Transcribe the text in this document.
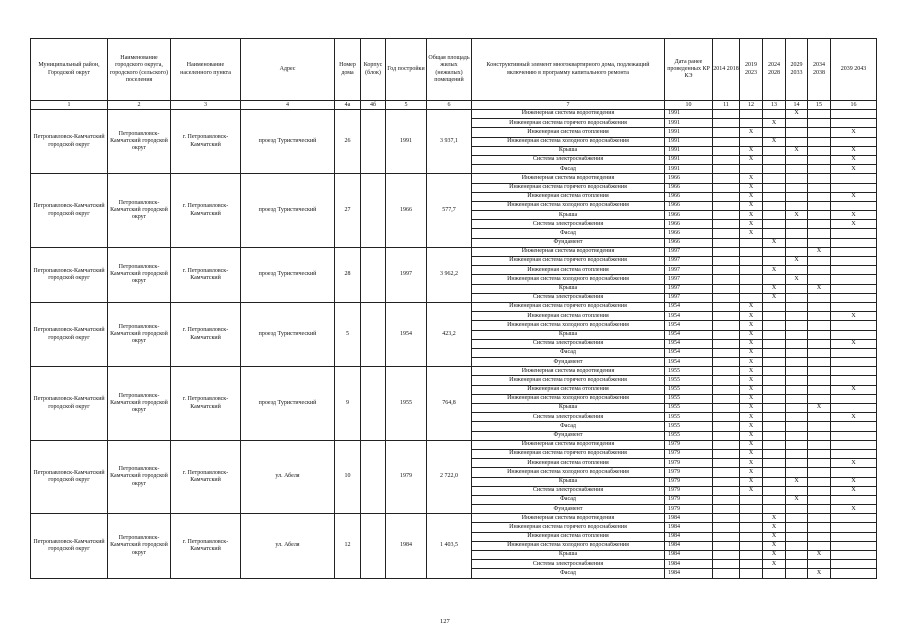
Муниципальный район, Городской округ	Наименование городского округа, городского (сельского) поселения	Наименование населенного пункта	Адрес	Номер дома	Корпус (блок)	Год постройки	Общая площадь жилых (нежилых) помещений	Конструктивный элемент многоквартирного дома, подлежащий включению в программу капитального ремонта	Дата ранее проведенных КР КЭ	2014 2018	2019 2023	2024 2028	2029 2033	2034 2038	2039 2043
1	2	3	4	4а	4б	5	6	7	10	11	12	13	14	15	16
Петропавловск-Камчатский городской округ	Петропавловск-Камчатский городской округ	г. Петропавловск-Камчатский	проезд Туристический	26		1991	3 937,1	Инженерная система водоотведения	1991				X		
								Инженерная система горячего водоснабжения	1991			X			
								Инженерная система отопления	1991		X				X
								Инженерная система холодного водоснабжения	1991			X			
								Крыша	1991		X		X		X
								Система электроснабжения	1991		X				X
								Фасад	1991						X
Петропавловск-Камчатский городской округ	Петропавловск-Камчатский городской округ	г. Петропавловск-Камчатский	проезд Туристический	27		1966	577,7	Инженерная система водоотведения	1966		X				
								Инженерная система горячего водоснабжения	1966		X				
								Инженерная система отопления	1966		X				X
								Инженерная система холодного водоснабжения	1966		X				
								Крыша	1966		X		X		X
								Система электроснабжения	1966		X				X
								Фасад	1966		X				
								Фундамент	1966			X			
Петропавловск-Камчатский городской округ	Петропавловск-Камчатский городской округ	г. Петропавловск-Камчатский	проезд Туристический	28		1997	3 962,2	Инженерная система водоотведения	1997					X	
								Инженерная система горячего водоснабжения	1997				X		
								Инженерная система отопления	1997			X			
								Инженерная система холодного водоснабжения	1997				X		
								Крыша	1997			X		X	
								Система электроснабжения	1997			X			
Петропавловск-Камчатский городской округ	Петропавловск-Камчатский городской округ	г. Петропавловск-Камчатский	проезд Туристический	5		1954	423,2	Инженерная система горячего водоснабжения	1954		X				
								Инженерная система отопления	1954		X				X
								Инженерная система холодного водоснабжения	1954		X				
								Крыша	1954		X				
								Система электроснабжения	1954		X				X
								Фасад	1954		X				
								Фундамент	1954		X				
Петропавловск-Камчатский городской округ	Петропавловск-Камчатский городской округ	г. Петропавловск-Камчатский	проезд Туристический	9		1955	764,8	Инженерная система водоотведения	1955		X				
								Инженерная система горячего водоснабжения	1955		X				
								Инженерная система отопления	1955		X				X
								Инженерная система холодного водоснабжения	1955		X				
								Крыша	1955		X			X	
								Система электроснабжения	1955		X				X
								Фасад	1955		X				
								Фундамент	1955		X				
Петропавловск-Камчатский городской округ	Петропавловск-Камчатский городской округ	г. Петропавловск-Камчатский	ул. Абеля	10		1979	2 722,0	Инженерная система водоотведения	1979		X				
								Инженерная система горячего водоснабжения	1979		X				
								Инженерная система отопления	1979		X				X
								Инженерная система холодного водоснабжения	1979		X				
								Крыша	1979		X		X		X
								Система электроснабжения	1979		X				X
								Фасад	1979				X		
								Фундамент	1979						X
Петропавловск-Камчатский городской округ	Петропавловск-Камчатский городской округ	г. Петропавловск-Камчатский	ул. Абеля	12		1984	1 403,5	Инженерная система водоотведения	1984			X			
								Инженерная система горячего водоснабжения	1984			X			
								Инженерная система отопления	1984			X			
								Инженерная система холодного водоснабжения	1984			X			
								Крыша	1984			X		X	
								Система электроснабжения	1984			X			
								Фасад	1984					X	
127
